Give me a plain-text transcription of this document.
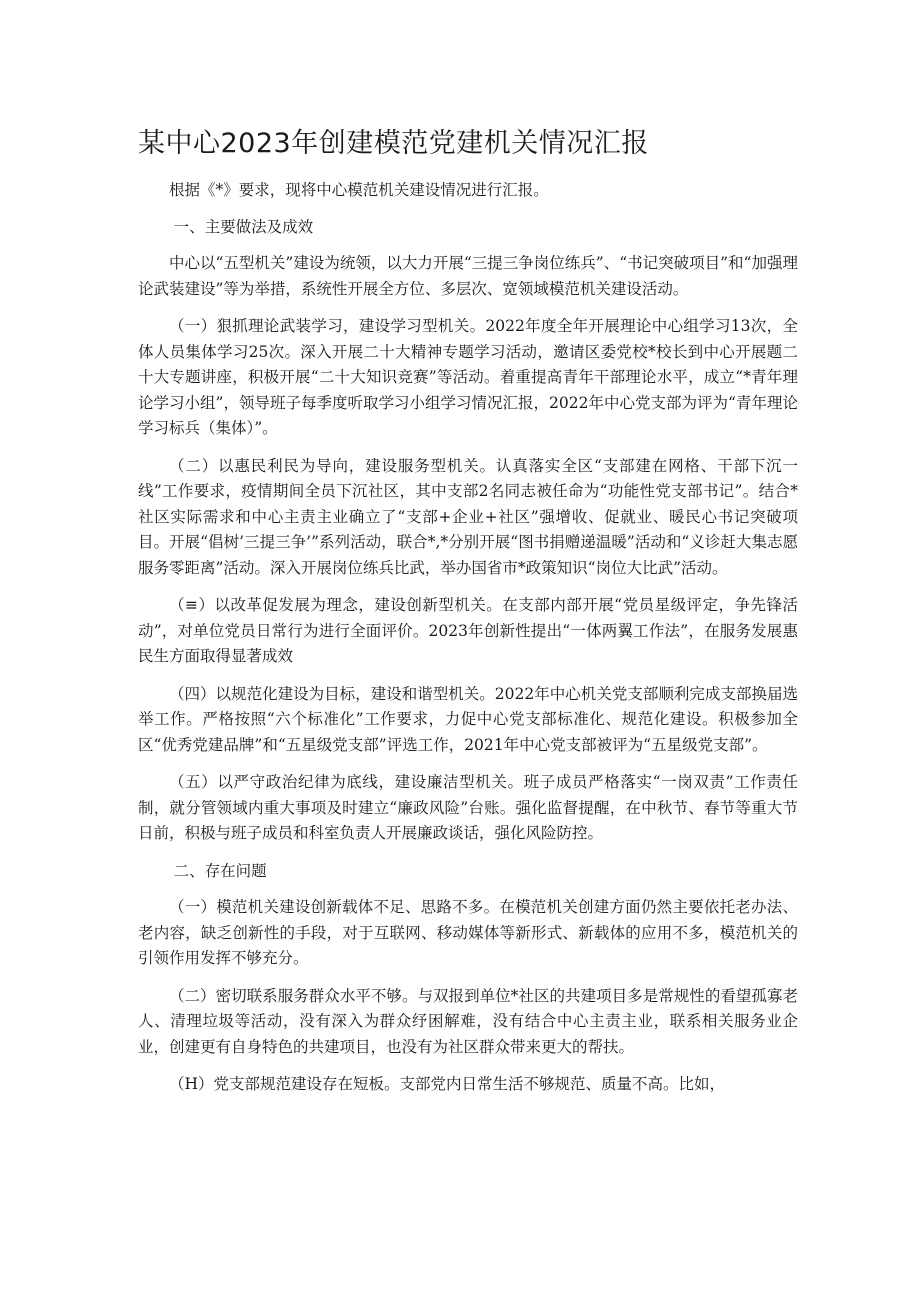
某中心2023年创建模范党建机关情况汇报

根据《*》要求，现将中心模范机关建设情况进行汇报。

一、主要做法及成效

中心以“五型机关”建设为统领，以大力开展“三提三争岗位练兵”、“书记突破项目”和“加强理论武装建设”等为举措，系统性开展全方位、多层次、宽领域模范机关建设活动。

（一）狠抓理论武装学习，建设学习型机关。2022年度全年开展理论中心组学习13次，全体人员集体学习25次。深入开展二十大精神专题学习活动，邀请区委党校*校长到中心开展题二十大专题讲座，积极开展“二十大知识竞赛”等活动。着重提高青年干部理论水平，成立“*青年理论学习小组”，领导班子每季度听取学习小组学习情况汇报，2022年中心党支部为评为“青年理论学习标兵（集体）”。

（二）以惠民利民为导向，建设服务型机关。认真落实全区“支部建在网格、干部下沉一线”工作要求，疫情期间全员下沉社区，其中支部2名同志被任命为“功能性党支部书记”。结合*社区实际需求和中心主责主业确立了“支部+企业+社区”强增收、促就业、暖民心书记突破项目。开展“倡树’三提三争’”系列活动，联合*,*分别开展“图书捐赠递温暖”活动和“义诊赶大集志愿服务零距离”活动。深入开展岗位练兵比武，举办国省市*政策知识“岗位大比武”活动。

（≡）以改革促发展为理念，建设创新型机关。在支部内部开展“党员星级评定，争先锋活动”，对单位党员日常行为进行全面评价。2023年创新性提出“一体两翼工作法”，在服务发展惠民生方面取得显著成效

（四）以规范化建设为目标，建设和谐型机关。2022年中心机关党支部顺利完成支部换届选举工作。严格按照“六个标准化”工作要求，力促中心党支部标准化、规范化建设。积极参加全区“优秀党建品牌”和“五星级党支部”评选工作，2021年中心党支部被评为“五星级党支部”。

（五）以严守政治纪律为底线，建设廉洁型机关。班子成员严格落实“一岗双责”工作责任制，就分管领域内重大事项及时建立“廉政风险”台账。强化监督提醒，在中秋节、春节等重大节日前，积极与班子成员和科室负责人开展廉政谈话，强化风险防控。

二、存在问题

（一）模范机关建设创新载体不足、思路不多。在模范机关创建方面仍然主要依托老办法、老内容，缺乏创新性的手段，对于互联网、移动媒体等新形式、新载体的应用不多，模范机关的引领作用发挥不够充分。

（二）密切联系服务群众水平不够。与双报到单位*社区的共建项目多是常规性的看望孤寡老人、清理垃圾等活动，没有深入为群众纾困解难，没有结合中心主责主业，联系相关服务业企业，创建更有自身特色的共建项目，也没有为社区群众带来更大的帮扶。

（H）党支部规范建设存在短板。支部党内日常生活不够规范、质量不高。比如，
